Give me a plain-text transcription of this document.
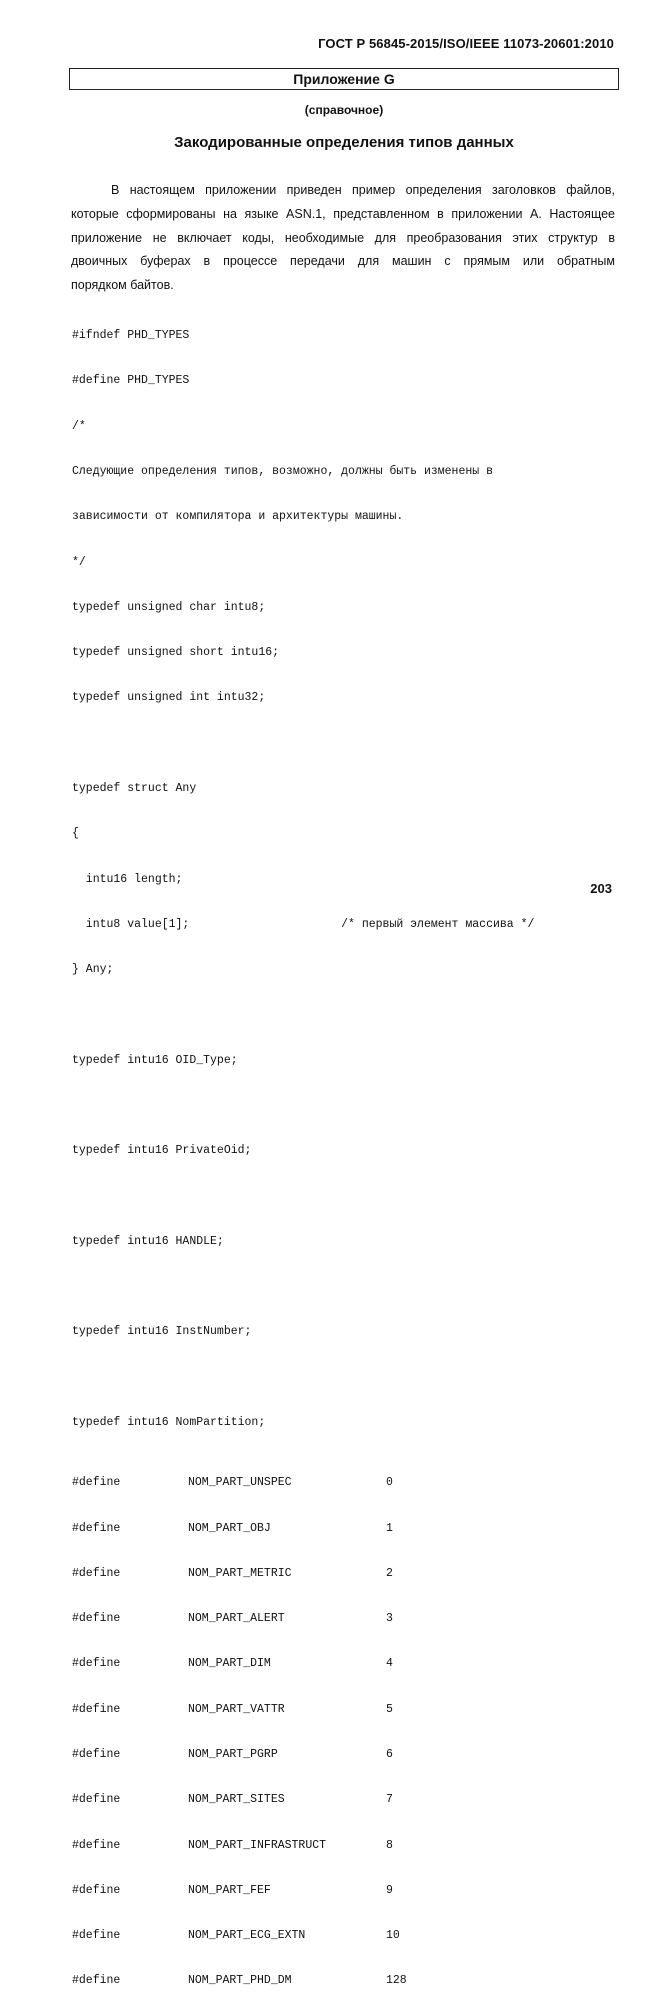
ГОСТ Р 56845-2015/ISO/IEEE 11073-20601:2010
Приложение G
(справочное)
Закодированные определения типов данных
В настоящем приложении приведен пример определения заголовков файлов,
которые сформированы на языке ASN.1, представленном в приложении А. Настоящее
приложение не включает коды, необходимые для преобразования этих структур в
двоичных буферах в процессе передачи для машин с прямым или обратным
порядком байтов.

#ifndef PHD_TYPES

#define PHD_TYPES

/*

Следующие определения типов, возможно, должны быть изменены в

зависимости от компилятора и архитектуры машины.

*/

typedef unsigned char intu8;

typedef unsigned short intu16;

typedef unsigned int intu32;

typedef struct Any

{

intu16 length;

intu8 value[1];                      /* первый элемент массива */

} Any;

typedef intu16 OID_Type;

typedef intu16 PrivateOid;

typedef intu16 HANDLE;

typedef intu16 InstNumber;

typedef intu16 NomPartition;

#define	NOM_PART_UNSPEC	0

#define	NOM_PART_OBJ	1

#define	NOM_PART_METRIC	2

#define	NOM_PART_ALERT	3

#define	NOM_PART_DIM	4

#define	NOM_PART_VATTR	5

#define	NOM_PART_PGRP	6

#define	NOM_PART_SITES	7

#define	NOM_PART_INFRASTRUCT	8

#define	NOM_PART_FEF	9

#define	NOM_PART_ECG_EXTN	10

#define	NOM_PART_PHD_DM	128

203
